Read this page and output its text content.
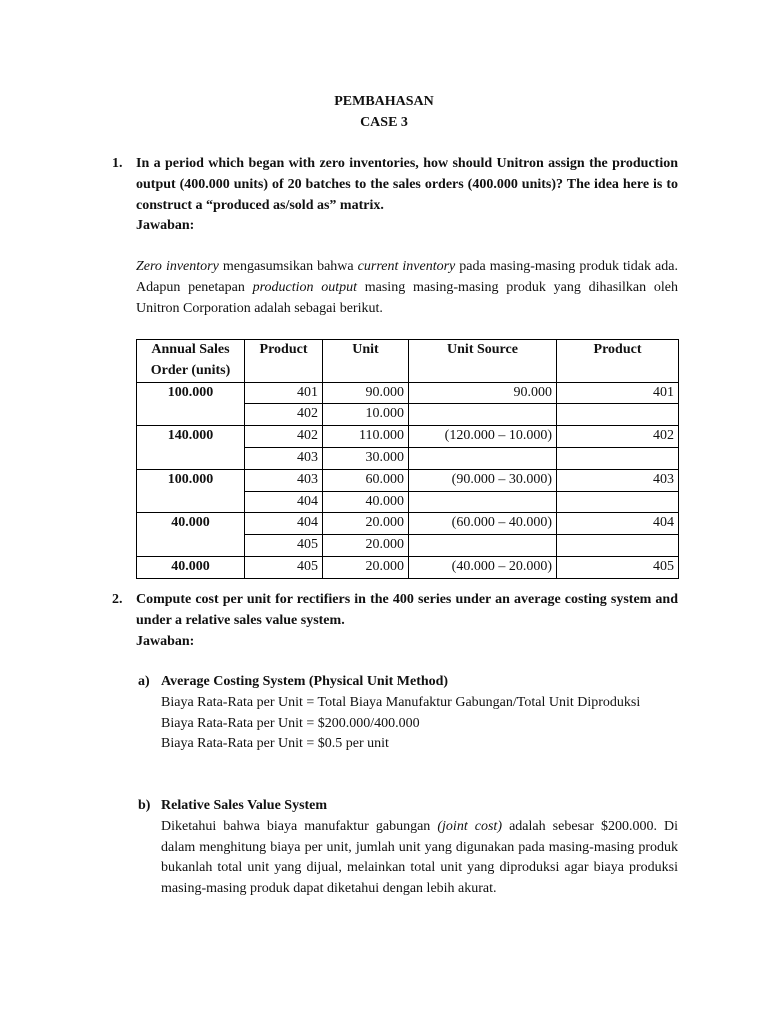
PEMBAHASAN
CASE 3
1. In a period which began with zero inventories, how should Unitron assign the production output (400.000 units) of 20 batches to the sales orders (400.000 units)? The idea here is to construct a “produced as/sold as” matrix.
Jawaban:
Zero inventory mengasumsikan bahwa current inventory pada masing-masing produk tidak ada. Adapun penetapan production output masing masing-masing produk yang dihasilkan oleh Unitron Corporation adalah sebagai berikut.
Annual Sales Order (units)	Product	Unit	Unit Source	Product
100.000	401	90.000	90.000	401
	402	10.000		
140.000	402	110.000	(120.000 – 10.000)	402
	403	30.000		
100.000	403	60.000	(90.000 – 30.000)	403
	404	40.000		
40.000	404	20.000	(60.000 – 40.000)	404
	405	20.000		
40.000	405	20.000	(40.000 – 20.000)	405
2. Compute cost per unit for rectifiers in the 400 series under an average costing system and under a relative sales value system.
Jawaban:
a) Average Costing System (Physical Unit Method)
Biaya Rata-Rata per Unit = Total Biaya Manufaktur Gabungan/Total Unit Diproduksi
Biaya Rata-Rata per Unit = $200.000/400.000
Biaya Rata-Rata per Unit = $0.5 per unit
b) Relative Sales Value System
Diketahui bahwa biaya manufaktur gabungan (joint cost) adalah sebesar $200.000. Di dalam menghitung biaya per unit, jumlah unit yang digunakan pada masing-masing produk bukanlah total unit yang dijual, melainkan total unit yang diproduksi agar biaya produksi masing-masing produk dapat diketahui dengan lebih akurat.
